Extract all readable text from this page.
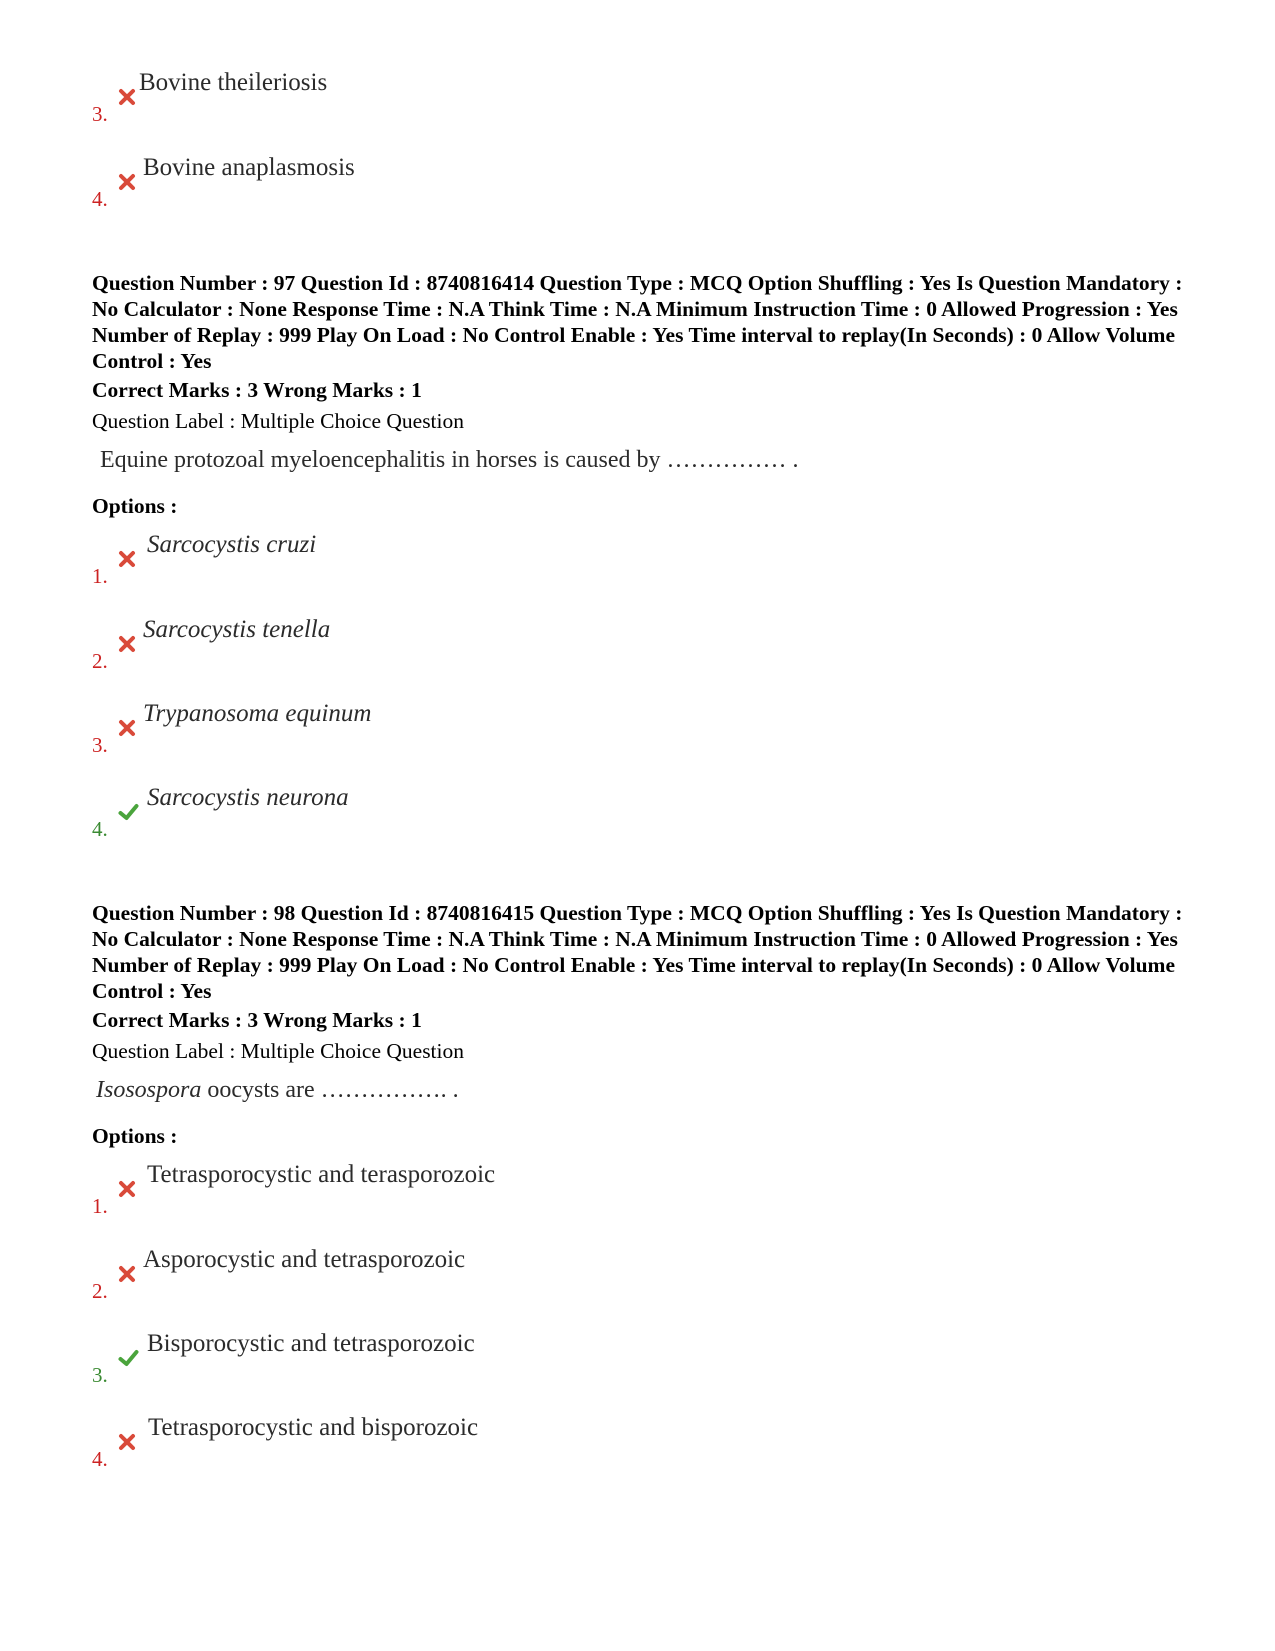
3.
Bovine theileriosis
4.
Bovine anaplasmosis
Question Number : 97 Question Id : 8740816414 Question Type : MCQ Option Shuffling : Yes Is Question Mandatory : No Calculator : None Response Time : N.A Think Time : N.A Minimum Instruction Time : 0 Allowed Progression : Yes Number of Replay : 999 Play On Load : No Control Enable : Yes Time interval to replay(In Seconds) : 0 Allow Volume Control : Yes
Correct Marks : 3 Wrong Marks : 1
Question Label : Multiple Choice Question
Equine protozoal myeloencephalitis in horses is caused by …………… .
Options :
1.
Sarcocystis cruzi
2.
Sarcocystis tenella
3.
Trypanosoma equinum
4.
Sarcocystis neurona
Question Number : 98 Question Id : 8740816415 Question Type : MCQ Option Shuffling : Yes Is Question Mandatory : No Calculator : None Response Time : N.A Think Time : N.A Minimum Instruction Time : 0 Allowed Progression : Yes Number of Replay : 999 Play On Load : No Control Enable : Yes Time interval to replay(In Seconds) : 0 Allow Volume Control : Yes
Correct Marks : 3 Wrong Marks : 1
Question Label : Multiple Choice Question
Isosospora oocysts are ……………. .
Options :
1.
Tetrasporocystic and terasporozoic
2.
Asporocystic and tetrasporozoic
3.
Bisporocystic and tetrasporozoic
4.
Tetrasporocystic and bisporozoic
